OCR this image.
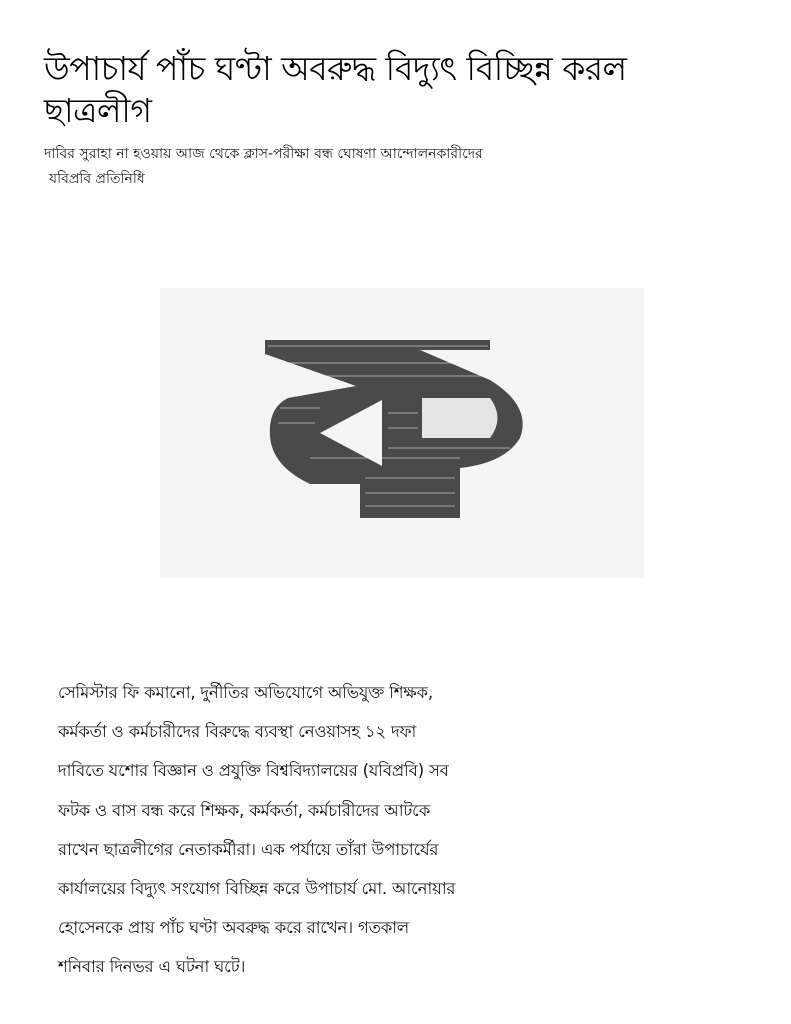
উপাচার্য পাঁচ ঘণ্টা অবরুদ্ধ বিদ্যুৎ বিচ্ছিন্ন করল ছাত্রলীগ

দাবির সুরাহা না হওয়ায় আজ থেকে ক্লাস-পরীক্ষা বন্ধ ঘোষণা আন্দোলনকারীদের
যবিপ্রবি প্রতিনিধি

সেমিস্টার ফি কমানো, দুর্নীতির অভিযোগে অভিযুক্ত শিক্ষক,
কর্মকর্তা ও কর্মচারীদের বিরুদ্ধে ব্যবস্থা নেওয়াসহ ১২ দফা
দাবিতে যশোর বিজ্ঞান ও প্রযুক্তি বিশ্ববিদ্যালয়ের (যবিপ্রবি) সব
ফটক ও বাস বন্ধ করে শিক্ষক, কর্মকর্তা, কর্মচারীদের আটকে
রাখেন ছাত্রলীগের নেতাকর্মীরা। এক পর্যায়ে তাঁরা উপাচার্যের
কার্যালয়ের বিদ্যুৎ সংযোগ বিচ্ছিন্ন করে উপাচার্য মো. আনোয়ার
হোসেনকে প্রায় পাঁচ ঘণ্টা অবরুদ্ধ করে রাখেন। গতকাল
শনিবার দিনভর এ ঘটনা ঘটে।
